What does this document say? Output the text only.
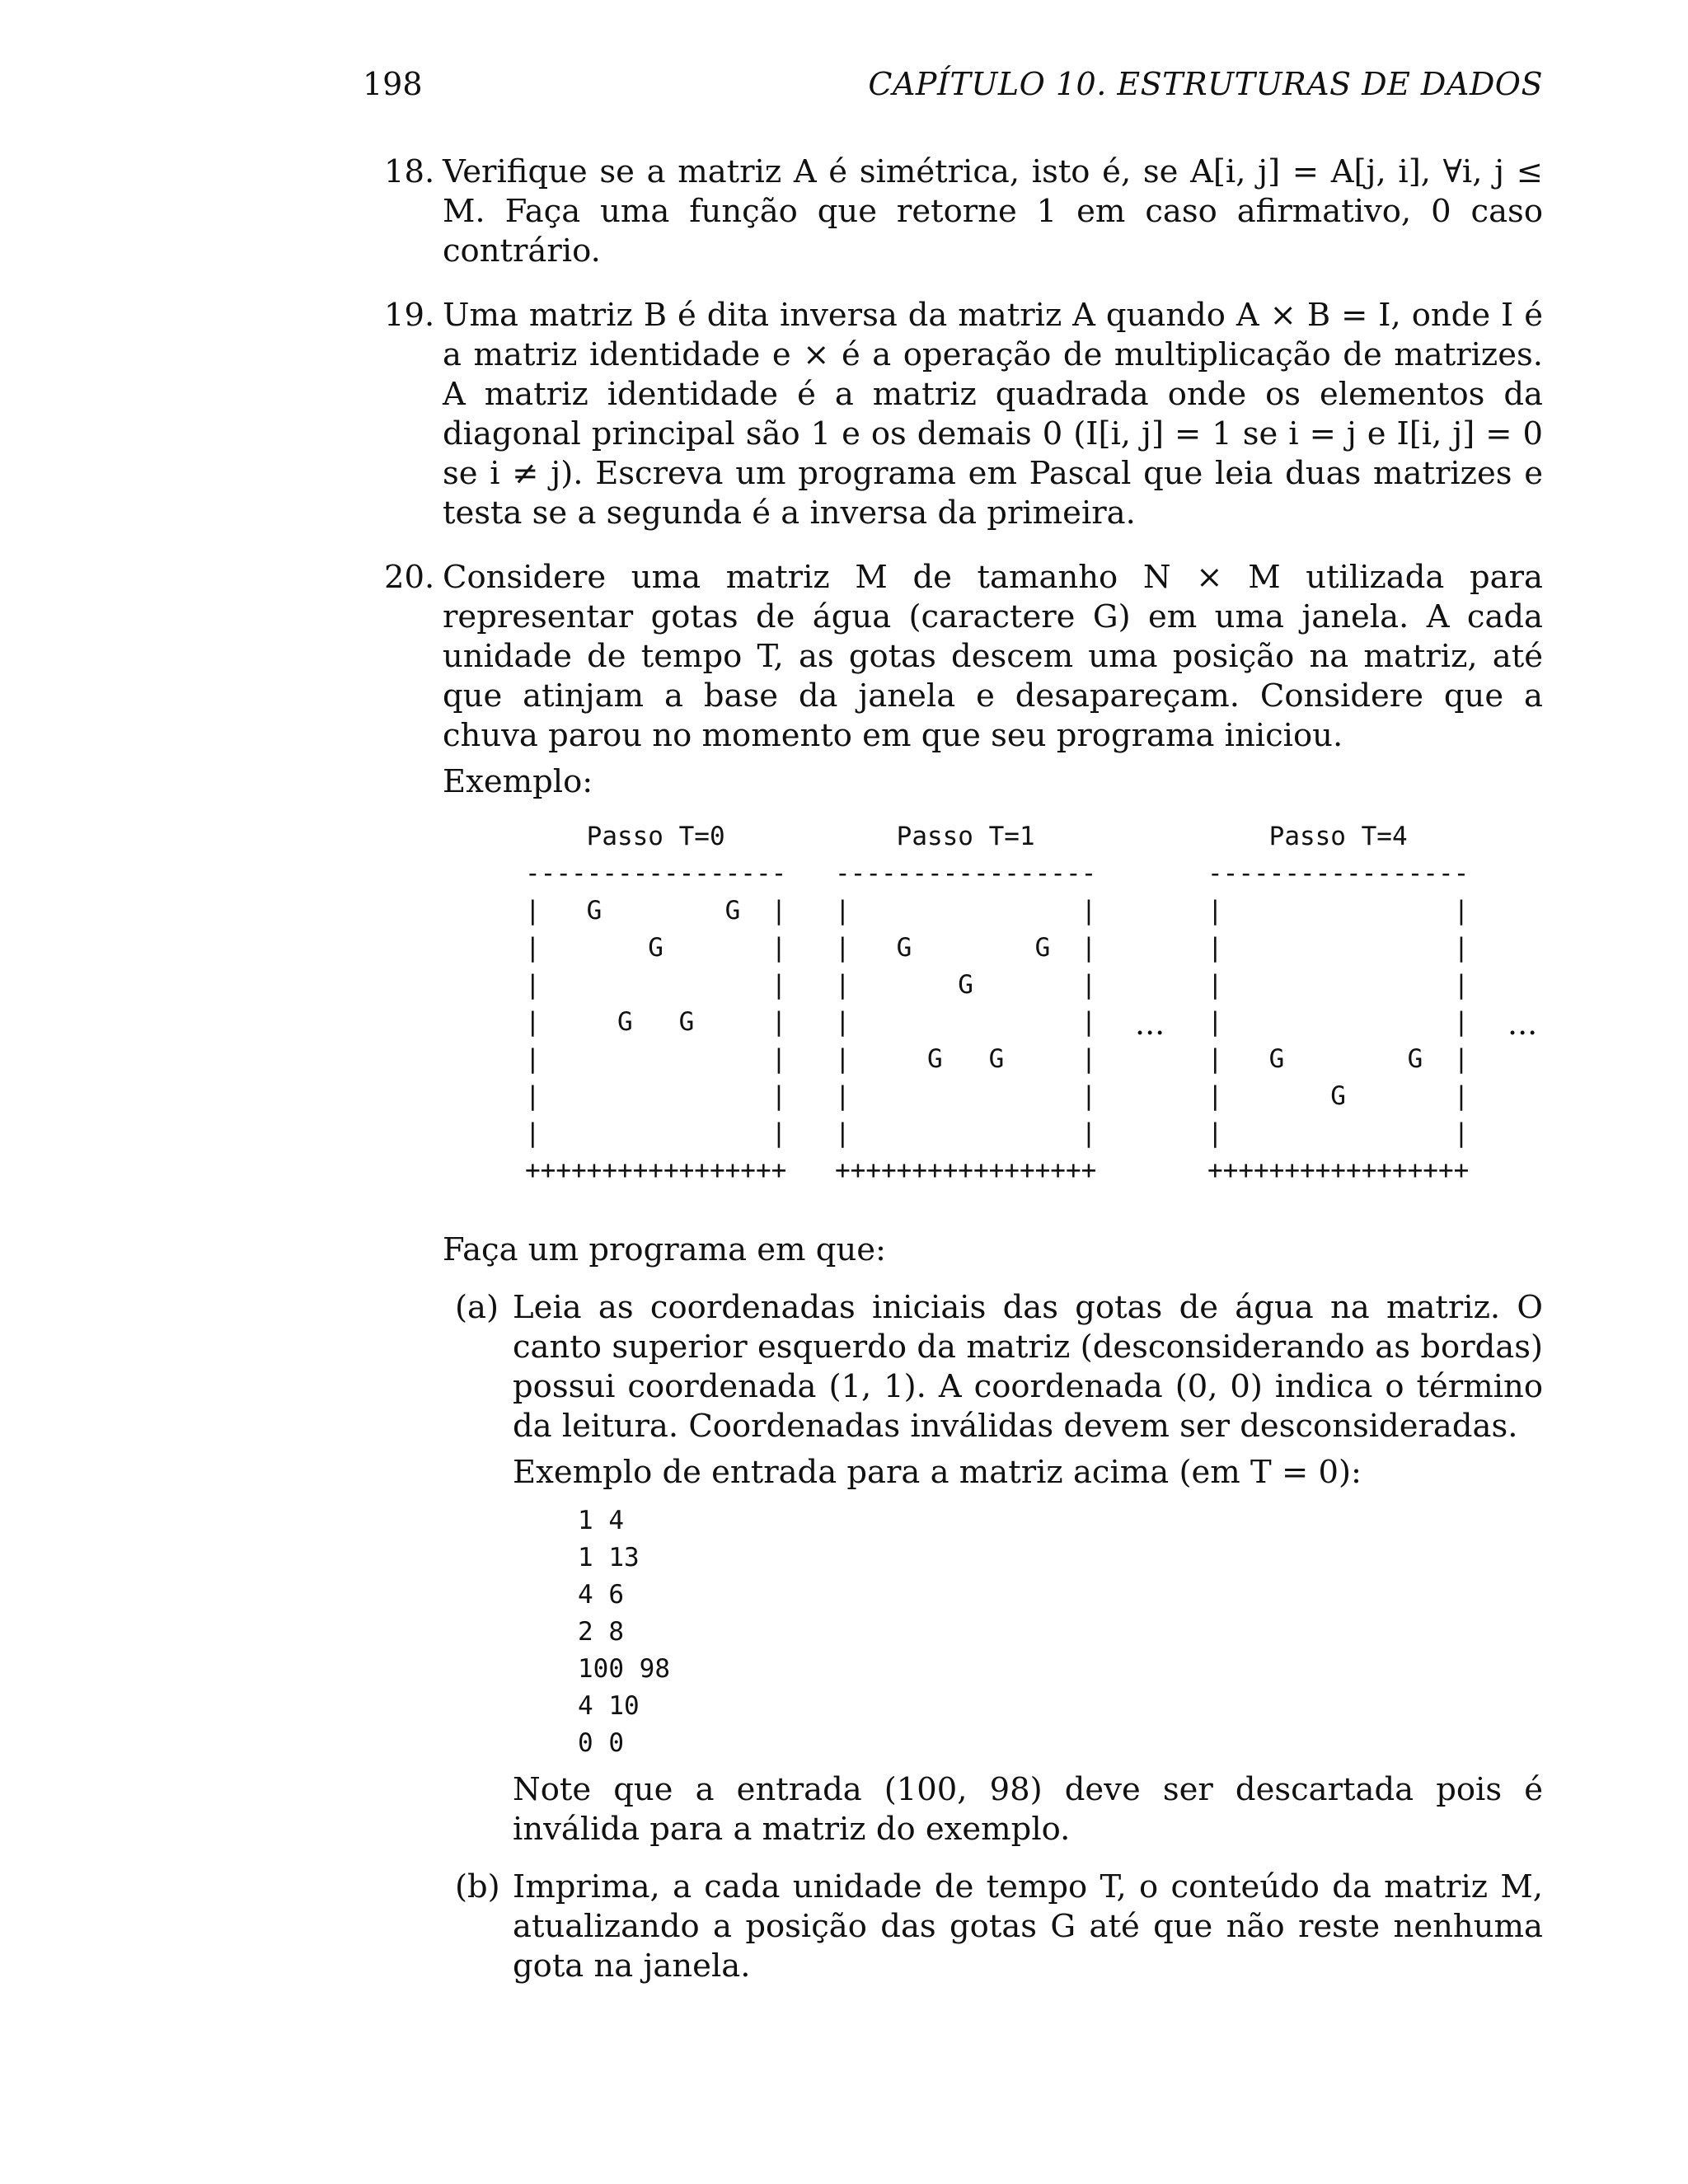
198	CAPÍTULO 10. ESTRUTURAS DE DADOS
18. Verifique se a matriz A é simétrica, isto é, se A[i, j] = A[j, i], ∀i, j ≤ M. Faça uma função que retorne 1 em caso afirmativo, 0 caso contrário.

19. Uma matriz B é dita inversa da matriz A quando A × B = I, onde I é a matriz identidade e × é a operação de multiplicação de matrizes. A matriz identidade é a matriz quadrada onde os elementos da diagonal principal são 1 e os demais 0 (I[i, j] = 1 se i = j e I[i, j] = 0 se i ≠ j). Escreva um programa em Pascal que leia duas matrizes e testa se a segunda é a inversa da primeira.

20. Considere uma matriz M de tamanho N × M utilizada para representar gotas de água (caractere G) em uma janela. A cada unidade de tempo T, as gotas descem uma posição na matriz, até que atinjam a base da janela e desapareçam. Considere que a chuva parou no momento em que seu programa iniciou.

Exemplo:

Passo T=0
-----------------
|   G        G  |
|       G       |
|               |
|     G   G     |
|               |
|               |
|               |
+++++++++++++++++
Passo T=1
-----------------
|               |
|   G        G  |
|       G       |
|               |
|     G   G     |
|               |
|               |
+++++++++++++++++
...
Passo T=4
-----------------
|               |
|               |
|               |
|               |
|   G        G  |
|       G       |
|               |
+++++++++++++++++
...

Faça um programa em que:

(a) Leia as coordenadas iniciais das gotas de água na matriz. O canto superior esquerdo da matriz (desconsiderando as bordas) possui coordenada (1, 1). A coordenada (0, 0) indica o término da leitura. Coordenadas inválidas devem ser desconsideradas.

Exemplo de entrada para a matriz acima (em T = 0):

1 4
1 13
4 6
2 8
100 98
4 10
0 0

Note que a entrada (100, 98) deve ser descartada pois é inválida para a matriz do exemplo.

(b) Imprima, a cada unidade de tempo T, o conteúdo da matriz M, atualizando a posição das gotas G até que não reste nenhuma gota na janela.
